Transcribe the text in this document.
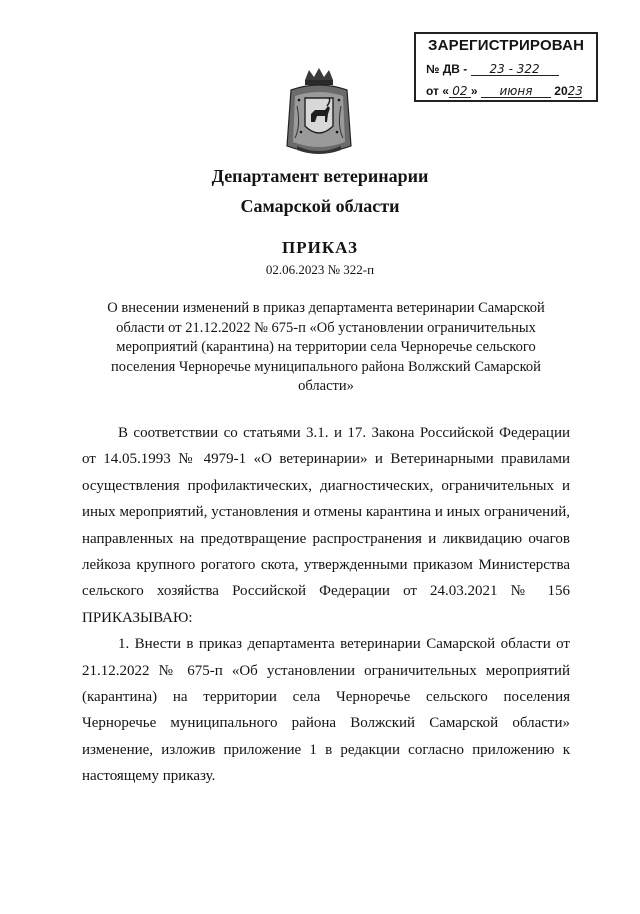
ЗАРЕГИСТРИРОВАН
№ ДВ - 23 - 322
от « 02 » июня 2023
Департамент ветеринарии
Самарской области
ПРИКАЗ
02.06.2023 № 322-п
О внесении изменений в приказ департамента ветеринарии Самарской области от 21.12.2022 № 675-п «Об установлении ограничительных мероприятий (карантина) на территории села Черноречье сельского поселения Черноречье муниципального района Волжский Самарской области»

В соответствии со статьями 3.1. и 17. Закона Российской Федерации от 14.05.1993 № 4979-1 «О ветеринарии» и Ветеринарными правилами осуществления профилактических, диагностических, ограничительных и иных мероприятий, установления и отмены карантина и иных ограничений, направленных на предотвращение распространения и ликвидацию очагов лейкоза крупного рогатого скота, утвержденными приказом Министерства сельского хозяйства Российской Федерации от 24.03.2021 № 156 ПРИКАЗЫВАЮ:

1. Внести в приказ департамента ветеринарии Самарской области от 21.12.2022 № 675-п «Об установлении ограничительных мероприятий (карантина) на территории села Черноречье сельского поселения Черноречье муниципального района Волжский Самарской области» изменение, изложив приложение 1 в редакции согласно приложению к настоящему приказу.
